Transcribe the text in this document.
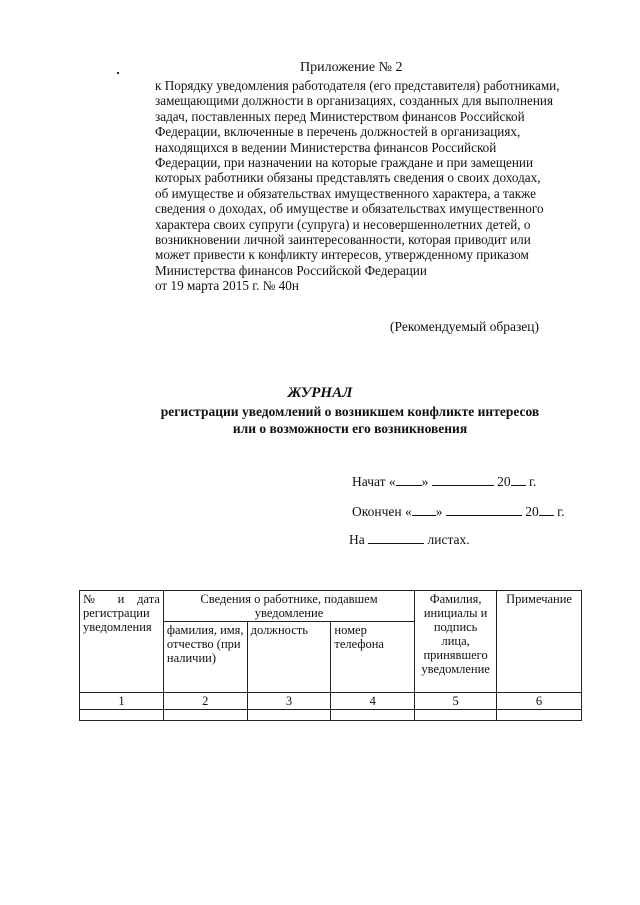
Приложение № 2
к Порядку уведомления работодателя (его представителя) работниками,
замещающими должности в организациях, созданных для выполнения
задач, поставленных перед Министерством финансов Российской
Федерации, включенные в перечень должностей в организациях,
находящихся в ведении Министерства финансов Российской
Федерации, при назначении на которые граждане и при замещении
которых работники обязаны представлять сведения о своих доходах,
об имуществе и обязательствах имущественного характера, а также
сведения о доходах, об имуществе и обязательствах имущественного
характера своих супруги (супруга) и несовершеннолетних детей, о
возникновении личной заинтересованности, которая приводит или
может привести к конфликту интересов, утвержденному приказом
Министерства финансов Российской Федерации
от 19 марта 2015 г. № 40н
(Рекомендуемый образец)
ЖУРНАЛ
регистрации уведомлений о возникшем конфликте интересов
или о возможности его возникновения
Начат « »	20 г.
Окончен « »	20 г.
На	листах.
№ и дата регистрации уведомления	Сведения о работнике, подавшем уведомление			Фамилия, инициалы и подпись лица, принявшего уведомление	Примечание
	фамилия, имя, отчество (при наличии)	должность	номер телефона		
1	2	3	4	5	6
